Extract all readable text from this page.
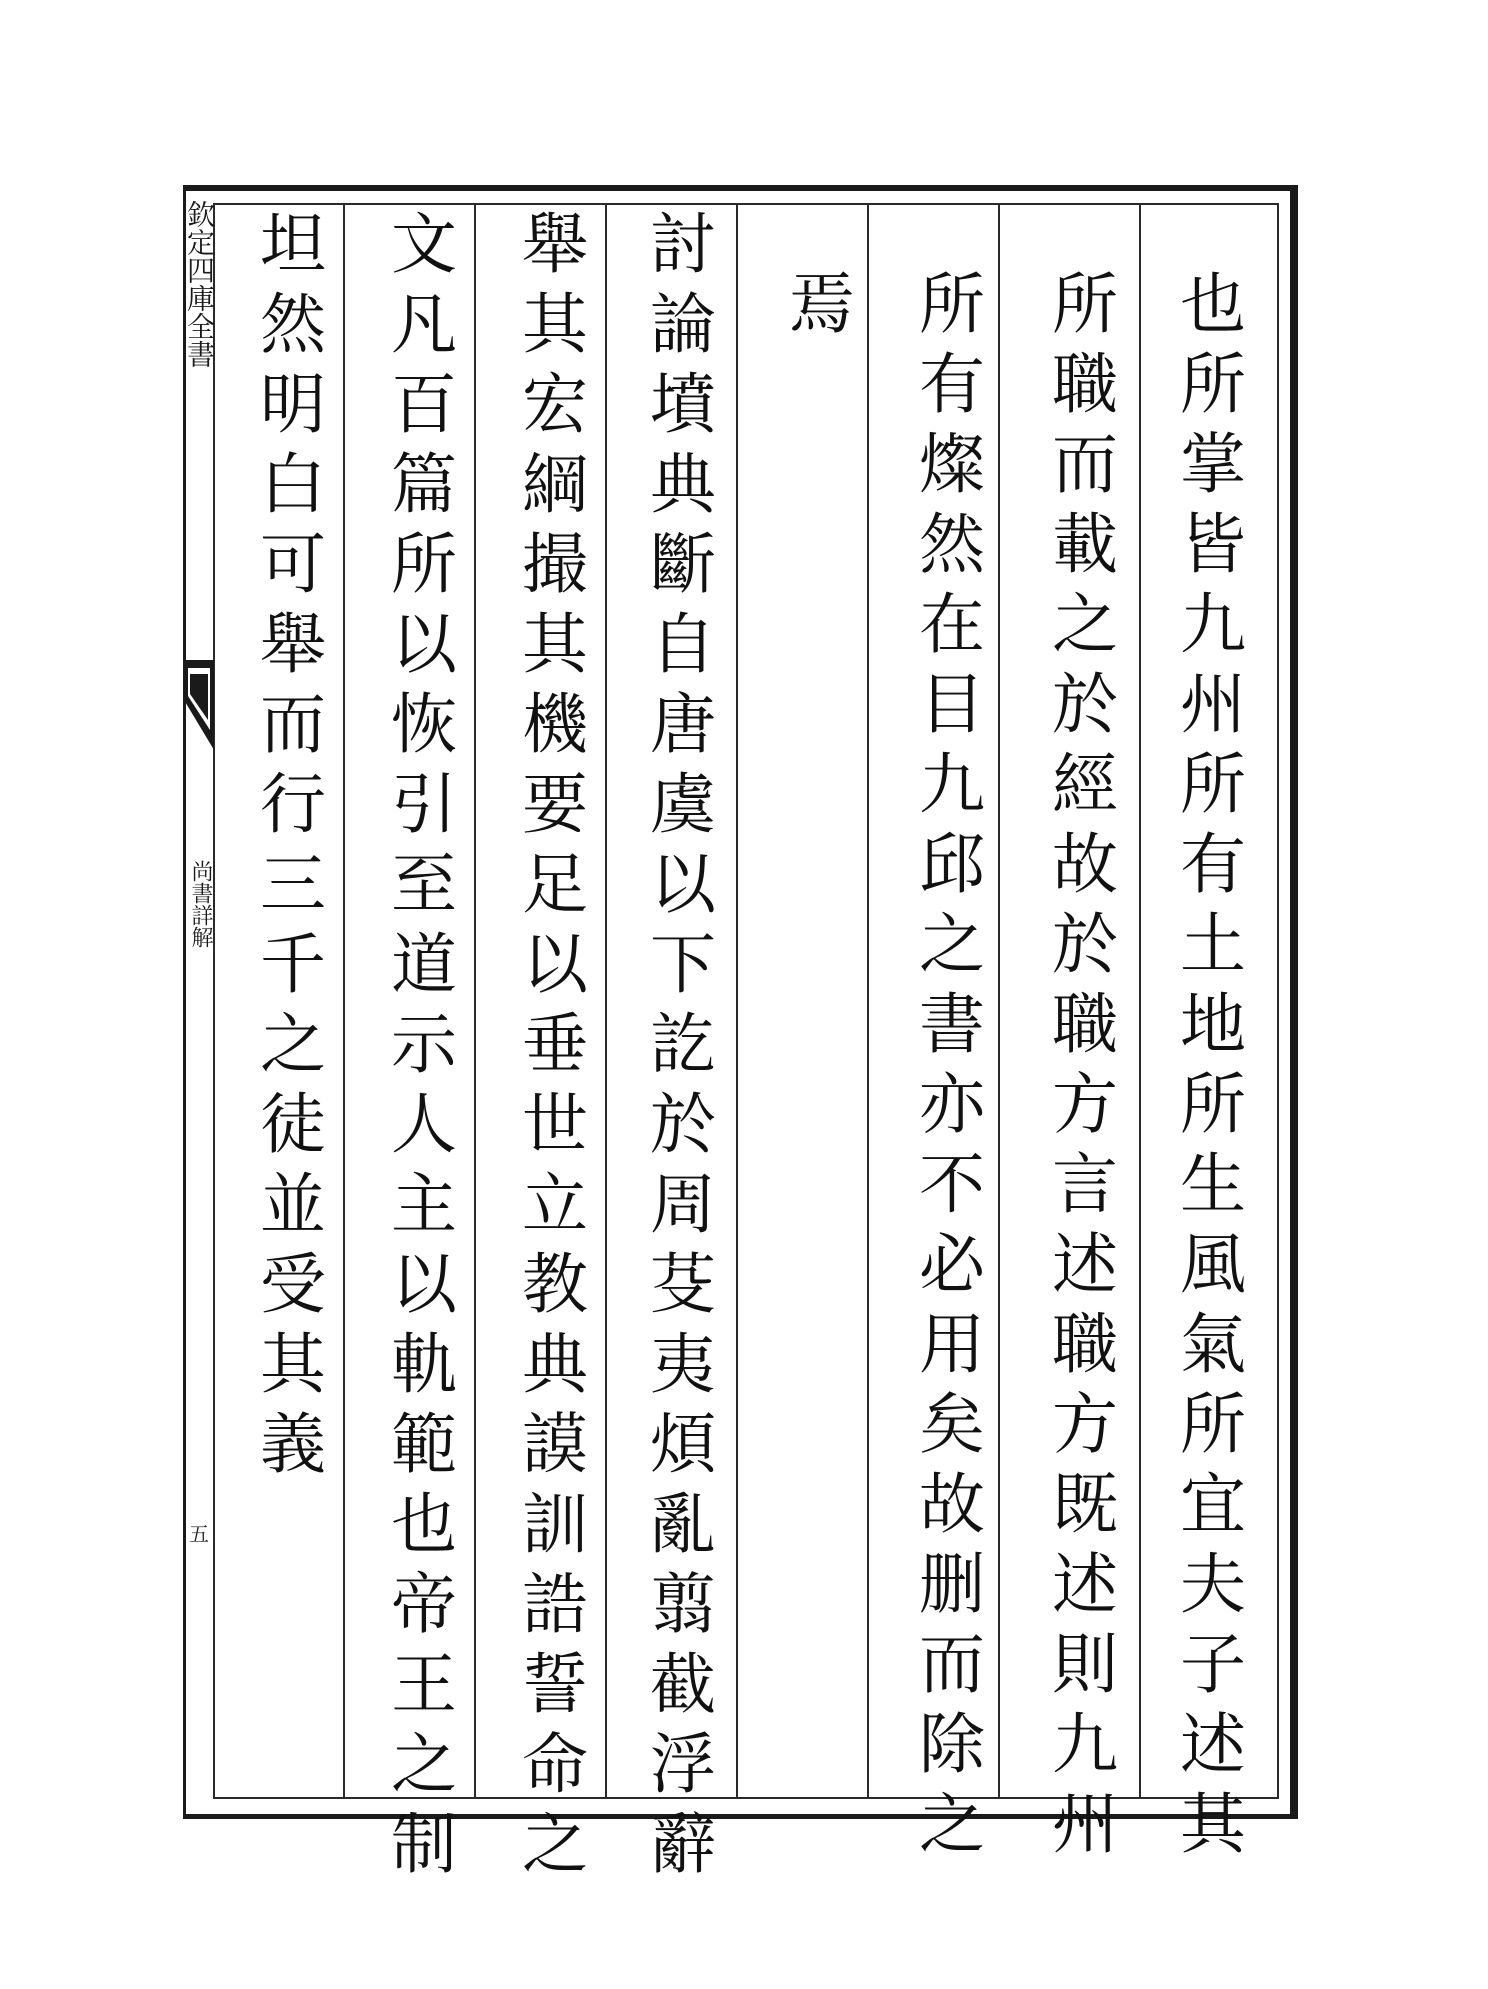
欽定四庫全書
尚書詳解
五
也
所
掌
皆
九
州
所
有
土
地
所
生
風
氣
所
宜
夫
子
述
其
所
職
而
載
之
於
經
故
於
職
方
言
述
職
方
既
述
則
九
州
所
有
燦
然
在
目
九
邱
之
書
亦
不
必
用
矣
故
删
而
除
之
焉
討
論
墳
典
斷
自
唐
虞
以
下
訖
於
周
芟
夷
煩
亂
翦
截
浮
辭
舉
其
宏
綱
撮
其
機
要
足
以
垂
世
立
教
典
謨
訓
誥
誓
命
之
文
凡
百
篇
所
以
恢
引
至
道
示
人
主
以
軌
範
也
帝
王
之
制
坦
然
明
白
可
舉
而
行
三
千
之
徒
並
受
其
義
